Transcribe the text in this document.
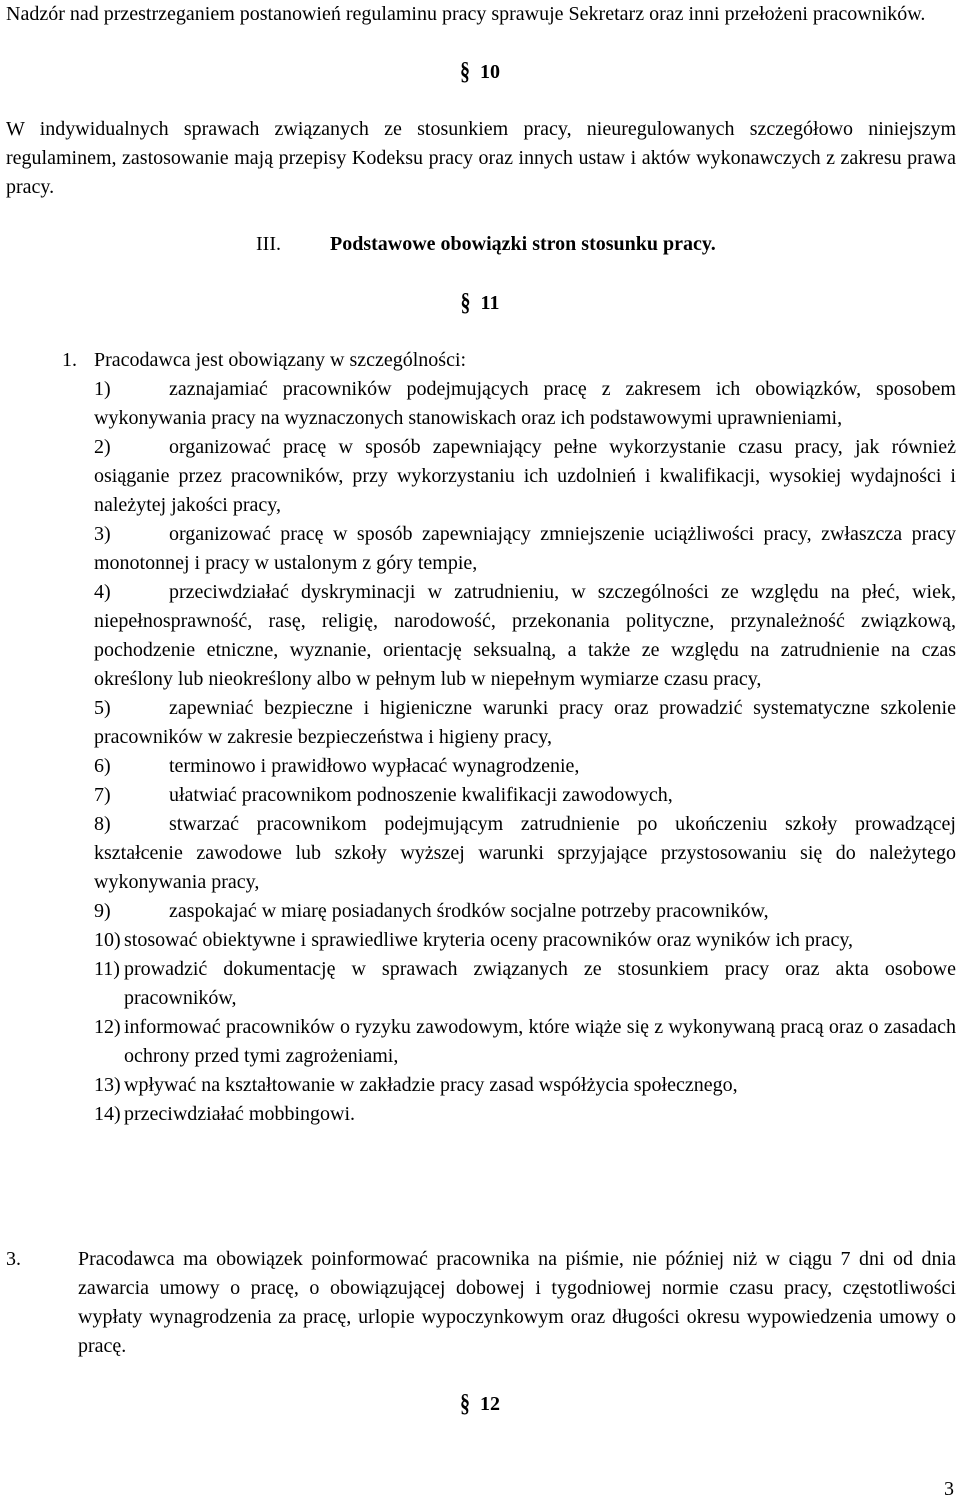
Nadzór nad przestrzeganiem postanowień regulaminu pracy sprawuje Sekretarz oraz inni przełożeni pracowników.

§ 10

W indywidualnych sprawach związanych ze stosunkiem pracy, nieuregulowanych szczegółowo niniejszym regulaminem, zastosowanie mają przepisy Kodeksu pracy oraz innych ustaw i aktów wykonawczych z zakresu prawa pracy.

III. Podstawowe obowiązki stron stosunku pracy.

§ 11

1. Pracodawca jest obowiązany w szczególności:

1)	zaznajamiać pracowników podejmujących pracę z zakresem ich obowiązków, sposobem wykonywania pracy na wyznaczonych stanowiskach oraz ich podstawowymi uprawnieniami,
2)	organizować pracę w sposób zapewniający pełne wykorzystanie czasu pracy, jak również osiąganie przez pracowników, przy wykorzystaniu ich uzdolnień i kwalifikacji, wysokiej wydajności i należytej jakości pracy,
3)	organizować pracę w sposób zapewniający zmniejszenie uciążliwości pracy, zwłaszcza pracy monotonnej i pracy w ustalonym z góry tempie,
4)	przeciwdziałać dyskryminacji w zatrudnieniu, w szczególności ze względu na płeć, wiek, niepełnosprawność, rasę, religię, narodowość, przekonania polityczne, przynależność związkową, pochodzenie etniczne, wyznanie, orientację seksualną, a także ze względu na zatrudnienie na czas określony lub nieokreślony albo w pełnym lub w niepełnym wymiarze czasu pracy,
5)	zapewniać bezpieczne i higieniczne warunki pracy oraz prowadzić systematyczne szkolenie pracowników w zakresie bezpieczeństwa i higieny pracy,
6)	terminowo i prawidłowo wypłacać wynagrodzenie,
7)	ułatwiać pracownikom podnoszenie kwalifikacji zawodowych,
8)	stwarzać pracownikom podejmującym zatrudnienie po ukończeniu szkoły prowadzącej kształcenie zawodowe lub szkoły wyższej warunki sprzyjające przystosowaniu się do należytego wykonywania pracy,
9)	zaspokajać w miarę posiadanych środków socjalne potrzeby pracowników,
10) stosować obiektywne i sprawiedliwe kryteria oceny pracowników oraz wyników ich pracy,
11) prowadzić dokumentację w sprawach związanych ze stosunkiem pracy oraz akta osobowe pracowników,
12) informować pracowników o ryzyku zawodowym, które wiąże się z wykonywaną pracą oraz o zasadach ochrony przed tymi zagrożeniami,
13) wpływać na kształtowanie w zakładzie pracy zasad współżycia społecznego,
14) przeciwdziałać mobbingowi.
3.	Pracodawca ma obowiązek poinformować pracownika na piśmie, nie później niż w ciągu 7 dni od dnia zawarcia umowy o pracę, o obowiązującej dobowej i tygodniowej normie czasu pracy, częstotliwości wypłaty wynagrodzenia za pracę, urlopie wypoczynkowym oraz długości okresu wypowiedzenia umowy o pracę.

§ 12

3
